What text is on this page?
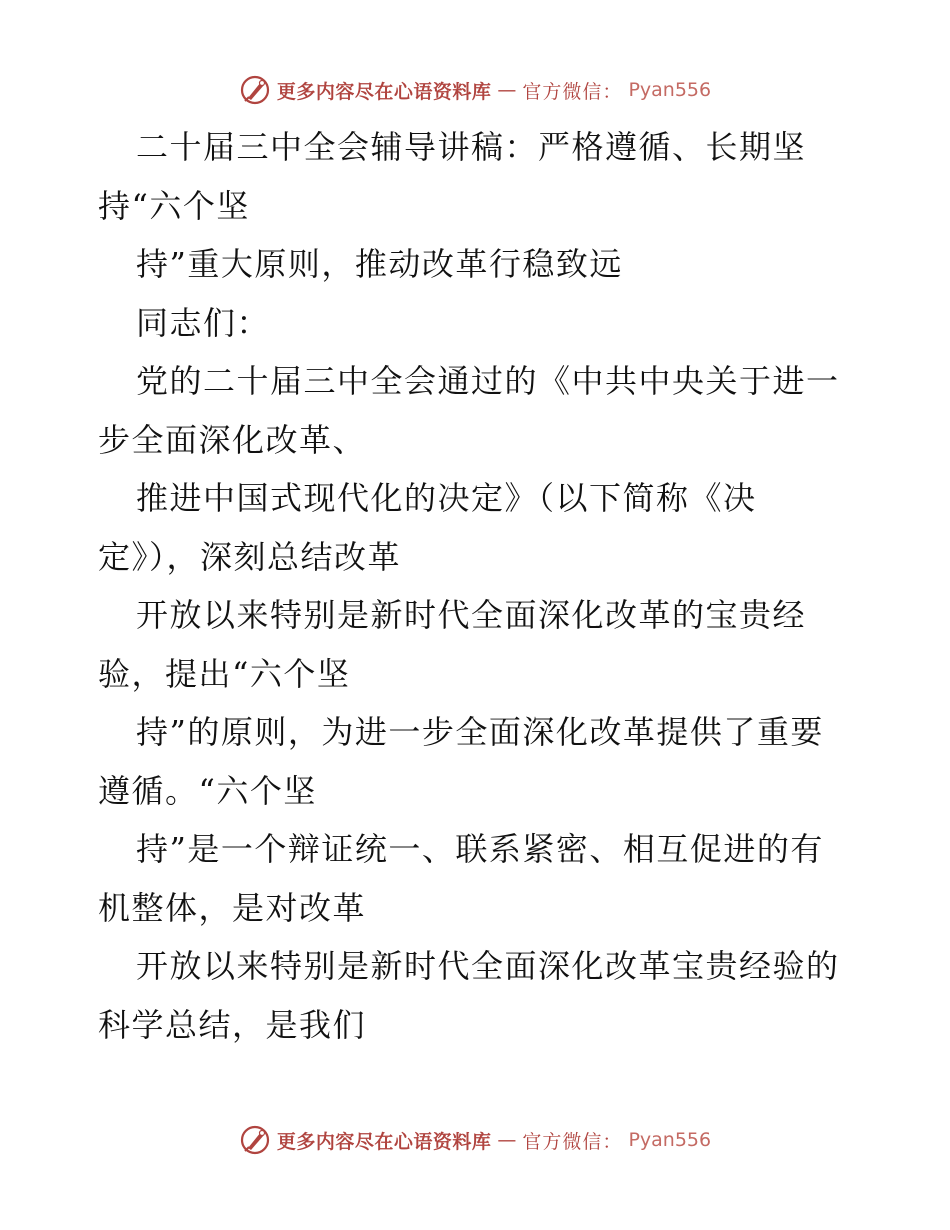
更多内容尽在心语资料库 — 官方微信： Pyan556
二十届三中全会辅导讲稿：严格遵循、长期坚
持“六个坚
持”重大原则，推动改革行稳致远
同志们：
党的二十届三中全会通过的《中共中央关于进一
步全面深化改革、
推进中国式现代化的决定》（以下简称《决
定》），深刻总结改革
开放以来特别是新时代全面深化改革的宝贵经
验，提出“六个坚
持”的原则，为进一步全面深化改革提供了重要
遵循。“六个坚
持”是一个辩证统一、联系紧密、相互促进的有
机整体，是对改革
开放以来特别是新时代全面深化改革宝贵经验的
科学总结，是我们
更多内容尽在心语资料库 — 官方微信： Pyan556
